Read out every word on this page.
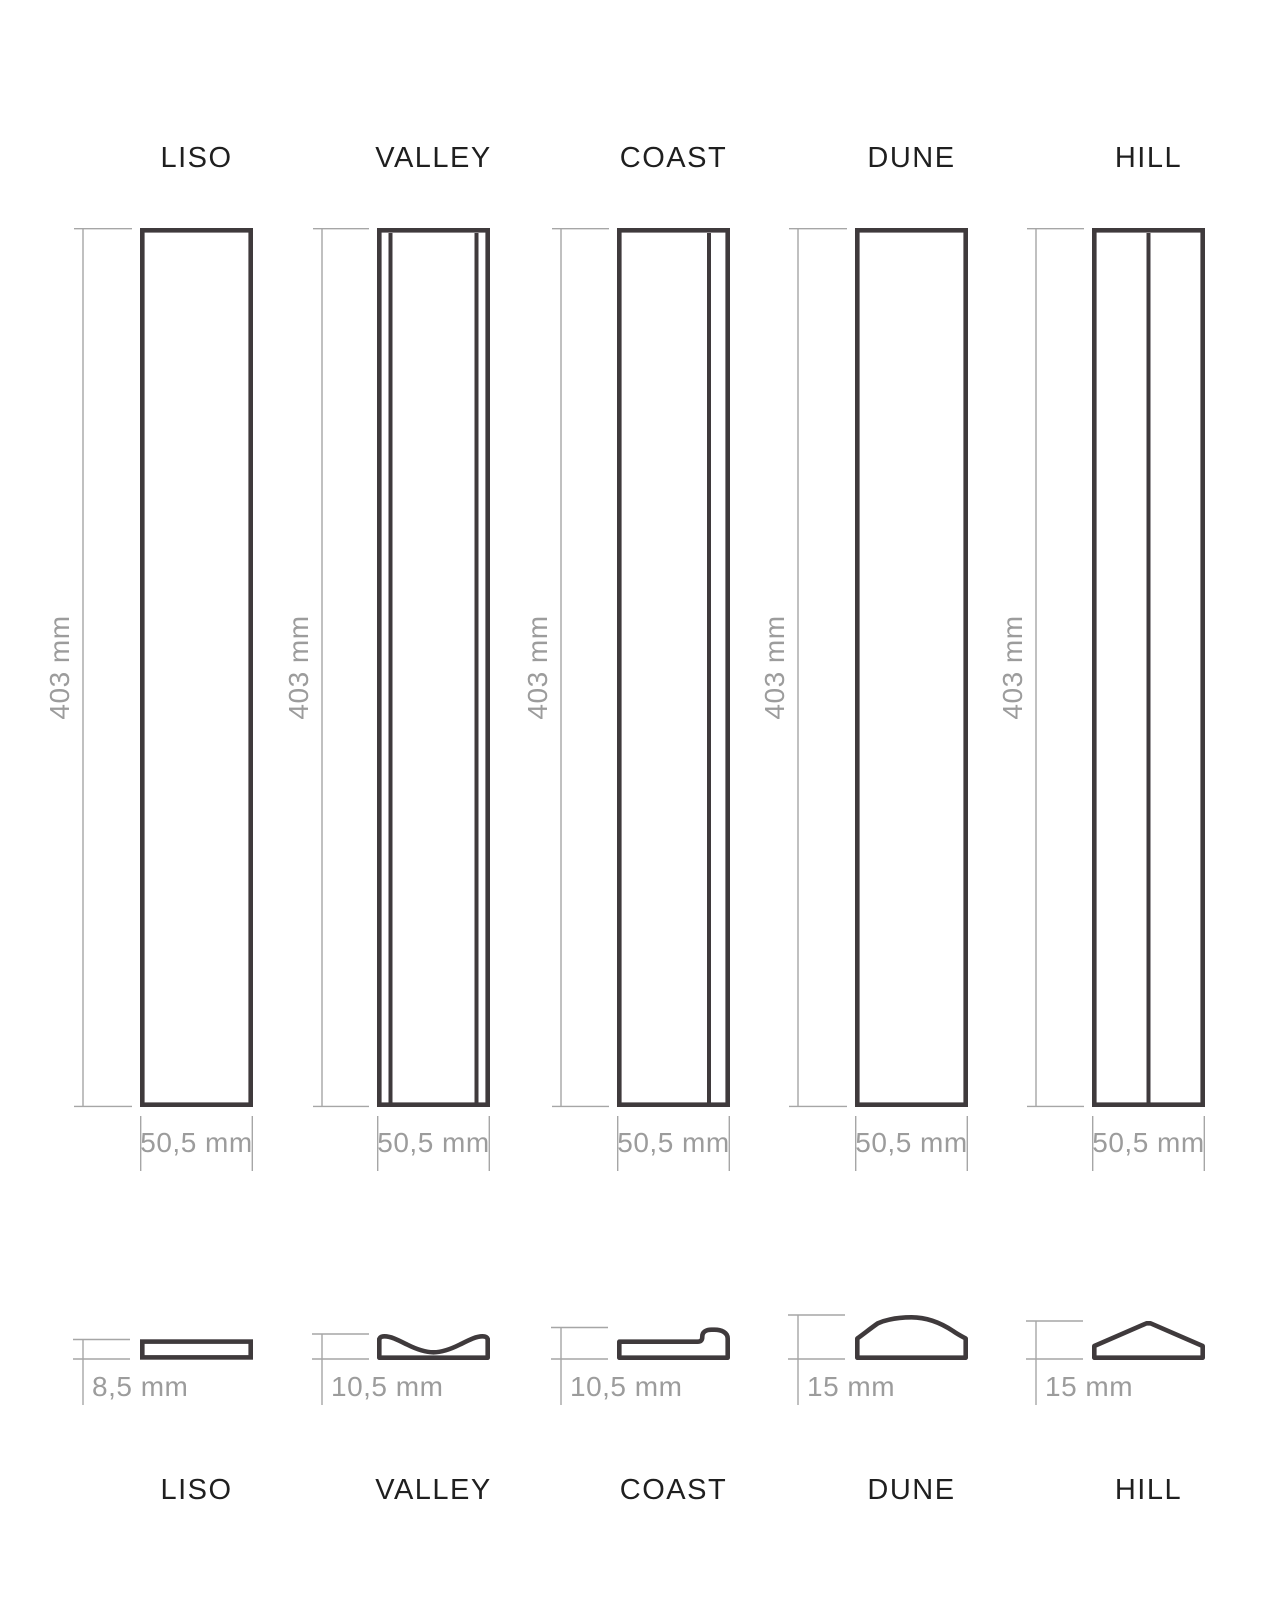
LISO
403 mm
50,5 mm
8,5 mm
LISO
VALLEY
403 mm
50,5 mm
10,5 mm
VALLEY
COAST
403 mm
50,5 mm
10,5 mm
COAST
DUNE
403 mm
50,5 mm
15 mm
DUNE
HILL
403 mm
50,5 mm
15 mm
HILL
